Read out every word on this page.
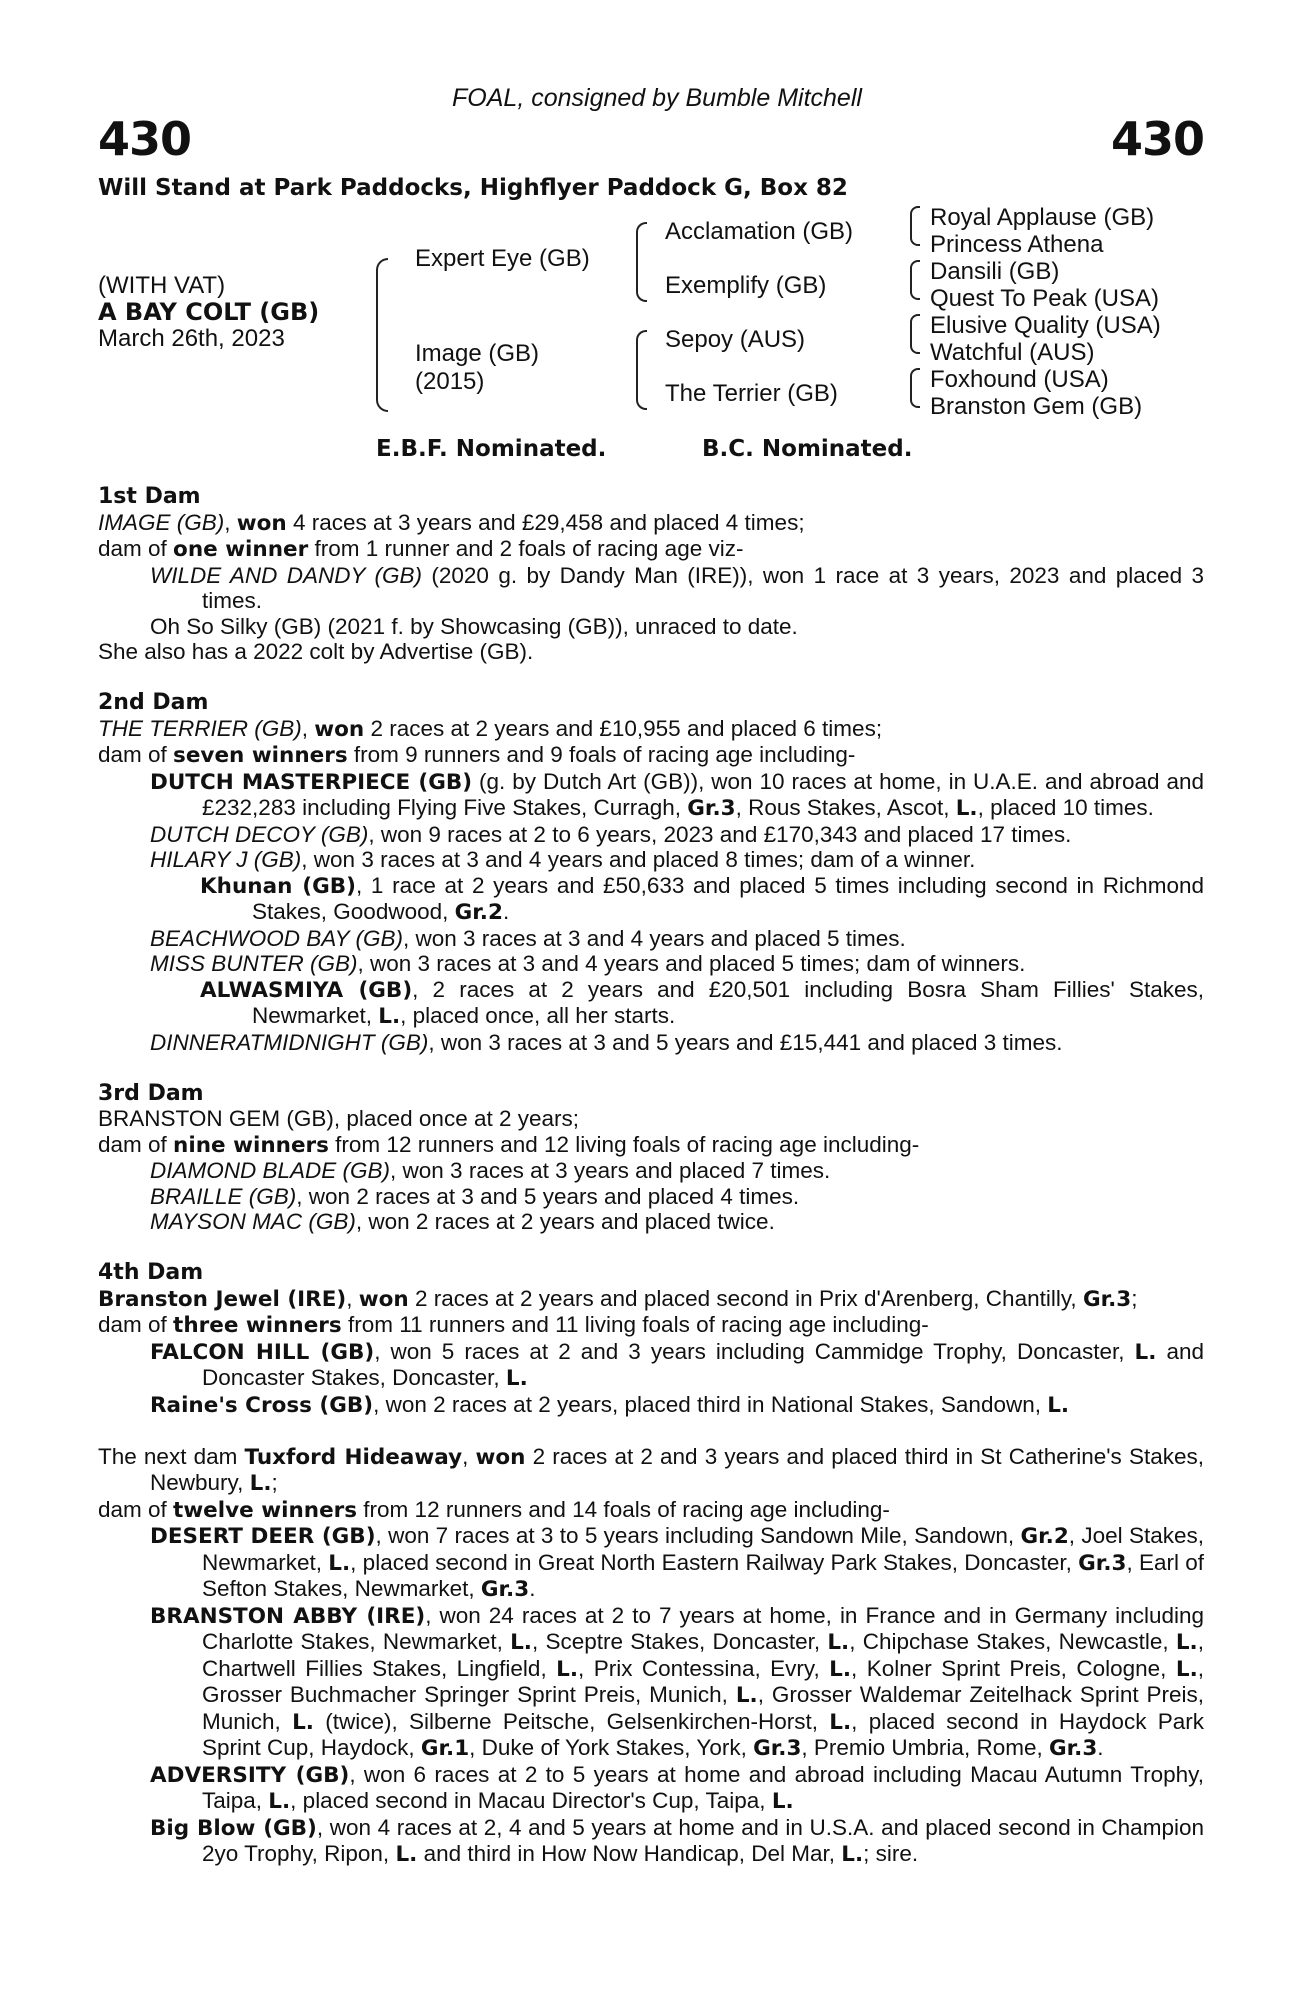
FOAL, consigned by Bumble Mitchell
430	430
Will Stand at Park Paddocks, Highflyer Paddock G, Box 82
(WITH VAT)
A BAY COLT (GB)
March 26th, 2023
Expert Eye (GB)
Image (GB)
(2015)
Acclamation (GB)
Exemplify (GB)
Sepoy (AUS)
The Terrier (GB)
Royal Applause (GB)
Princess Athena
Dansili (GB)
Quest To Peak (USA)
Elusive Quality (USA)
Watchful (AUS)
Foxhound (USA)
Branston Gem (GB)
E.B.F. Nominated.	B.C. Nominated.
1st Dam
IMAGE (GB), won 4 races at 3 years and £29,458 and placed 4 times;
dam of one winner from 1 runner and 2 foals of racing age viz-
WILDE AND DANDY (GB) (2020 g. by Dandy Man (IRE)), won 1 race at 3 years, 2023 and placed 3 times.
Oh So Silky (GB) (2021 f. by Showcasing (GB)), unraced to date.
She also has a 2022 colt by Advertise (GB).
2nd Dam
THE TERRIER (GB), won 2 races at 2 years and £10,955 and placed 6 times;
dam of seven winners from 9 runners and 9 foals of racing age including-
DUTCH MASTERPIECE (GB) (g. by Dutch Art (GB)), won 10 races at home, in U.A.E. and abroad and £232,283 including Flying Five Stakes, Curragh, Gr.3, Rous Stakes, Ascot, L., placed 10 times.
DUTCH DECOY (GB), won 9 races at 2 to 6 years, 2023 and £170,343 and placed 17 times.
HILARY J (GB), won 3 races at 3 and 4 years and placed 8 times; dam of a winner.
Khunan (GB), 1 race at 2 years and £50,633 and placed 5 times including second in Richmond Stakes, Goodwood, Gr.2.
BEACHWOOD BAY (GB), won 3 races at 3 and 4 years and placed 5 times.
MISS BUNTER (GB), won 3 races at 3 and 4 years and placed 5 times; dam of winners.
ALWASMIYA (GB), 2 races at 2 years and £20,501 including Bosra Sham Fillies' Stakes, Newmarket, L., placed once, all her starts.
DINNERATMIDNIGHT (GB), won 3 races at 3 and 5 years and £15,441 and placed 3 times.
3rd Dam
BRANSTON GEM (GB), placed once at 2 years;
dam of nine winners from 12 runners and 12 living foals of racing age including-
DIAMOND BLADE (GB), won 3 races at 3 years and placed 7 times.
BRAILLE (GB), won 2 races at 3 and 5 years and placed 4 times.
MAYSON MAC (GB), won 2 races at 2 years and placed twice.
4th Dam
Branston Jewel (IRE), won 2 races at 2 years and placed second in Prix d'Arenberg, Chantilly, Gr.3;
dam of three winners from 11 runners and 11 living foals of racing age including-
FALCON HILL (GB), won 5 races at 2 and 3 years including Cammidge Trophy, Doncaster, L. and Doncaster Stakes, Doncaster, L.
Raine's Cross (GB), won 2 races at 2 years, placed third in National Stakes, Sandown, L.
The next dam Tuxford Hideaway, won 2 races at 2 and 3 years and placed third in St Catherine's Stakes, Newbury, L.;
dam of twelve winners from 12 runners and 14 foals of racing age including-
DESERT DEER (GB), won 7 races at 3 to 5 years including Sandown Mile, Sandown, Gr.2, Joel Stakes, Newmarket, L., placed second in Great North Eastern Railway Park Stakes, Doncaster, Gr.3, Earl of Sefton Stakes, Newmarket, Gr.3.
BRANSTON ABBY (IRE), won 24 races at 2 to 7 years at home, in France and in Germany including Charlotte Stakes, Newmarket, L., Sceptre Stakes, Doncaster, L., Chipchase Stakes, Newcastle, L., Chartwell Fillies Stakes, Lingfield, L., Prix Contessina, Evry, L., Kolner Sprint Preis, Cologne, L., Grosser Buchmacher Springer Sprint Preis, Munich, L., Grosser Waldemar Zeitelhack Sprint Preis, Munich, L. (twice), Silberne Peitsche, Gelsenkirchen-Horst, L., placed second in Haydock Park Sprint Cup, Haydock, Gr.1, Duke of York Stakes, York, Gr.3, Premio Umbria, Rome, Gr.3.
ADVERSITY (GB), won 6 races at 2 to 5 years at home and abroad including Macau Autumn Trophy, Taipa, L., placed second in Macau Director's Cup, Taipa, L.
Big Blow (GB), won 4 races at 2, 4 and 5 years at home and in U.S.A. and placed second in Champion 2yo Trophy, Ripon, L. and third in How Now Handicap, Del Mar, L.; sire.
